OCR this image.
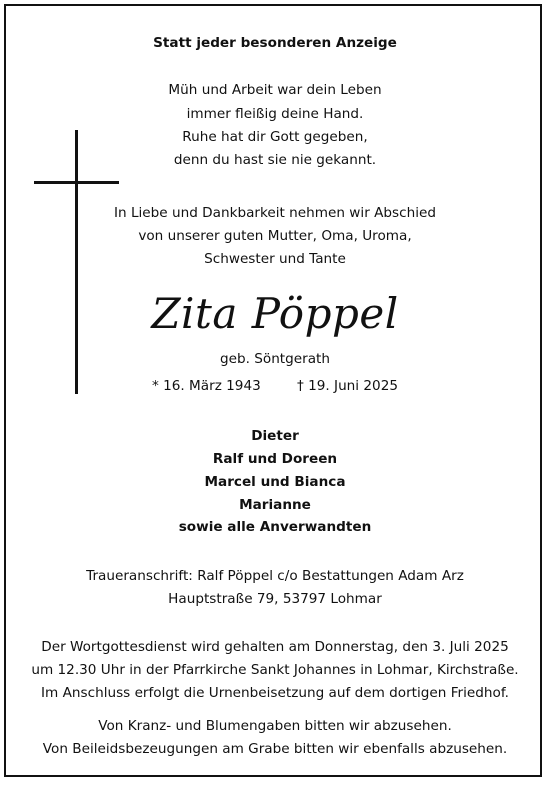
Statt jeder besonderen Anzeige
Müh und Arbeit war dein Leben
immer fleißig deine Hand.
Ruhe hat dir Gott gegeben,
denn du hast sie nie gekannt.
In Liebe und Dankbarkeit nehmen wir Abschied
von unserer guten Mutter, Oma, Uroma,
Schwester und Tante
Zita Pöppel
geb. Söntgerath
* 16. März 1943	† 19. Juni 2025
Dieter
Ralf und Doreen
Marcel und Bianca
Marianne
sowie alle Anverwandten
Traueranschrift: Ralf Pöppel c/o Bestattungen Adam Arz
Hauptstraße 79, 53797 Lohmar
Der Wortgottesdienst wird gehalten am Donnerstag, den 3. Juli 2025
um 12.30 Uhr in der Pfarrkirche Sankt Johannes in Lohmar, Kirchstraße.
Im Anschluss erfolgt die Urnenbeisetzung auf dem dortigen Friedhof.
Von Kranz- und Blumengaben bitten wir abzusehen.
Von Beileidsbezeugungen am Grabe bitten wir ebenfalls abzusehen.
